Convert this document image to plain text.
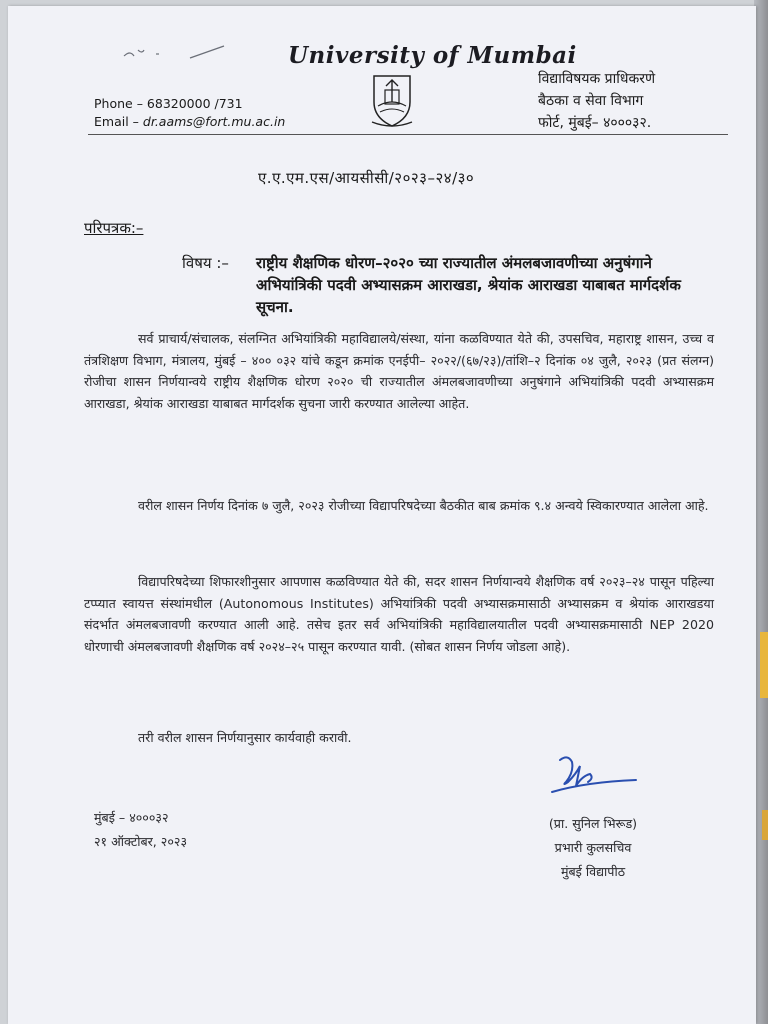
University of Mumbai
Phone – 68320000 /731
Email – dr.aams@fort.mu.ac.in
विद्याविषयक प्राधिकरणे
बैठका व सेवा विभाग
फोर्ट, मुंबई– ४०००३२.
ए.ए.एम.एस/आयसीसी/२०२३–२४/३०
परिपत्रक:–
विषय :– राष्ट्रीय शैक्षणिक धोरण–२०२० च्या राज्यातील अंमलबजावणीच्या अनुषंगाने अभियांत्रिकी पदवी अभ्यासक्रम आराखडा, श्रेयांक आराखडा याबाबत मार्गदर्शक सूचना.
सर्व प्राचार्य/संचालक, संलग्नित अभियांत्रिकी महाविद्यालये/संस्था, यांना कळविण्यात येते की, उपसचिव, महाराष्ट्र शासन, उच्च व तंत्रशिक्षण विभाग, मंत्रालय, मुंबई – ४०० ०३२ यांचे कडून क्रमांक एनईपी– २०२२/(६७/२३)/तांशि–२ दिनांक ०४ जुलै, २०२३ (प्रत संलग्न) रोजीचा शासन निर्णयान्वये राष्ट्रीय शैक्षणिक धोरण २०२० ची राज्यातील अंमलबजावणीच्या अनुषंगाने अभियांत्रिकी पदवी अभ्यासक्रम आराखडा, श्रेयांक आराखडा याबाबत मार्गदर्शक सुचना जारी करण्यात आलेल्या आहेत.
वरील शासन निर्णय दिनांक ७ जुलै, २०२३ रोजीच्या विद्यापरिषदेच्या बैठकीत बाब क्रमांक ९.४ अन्वये स्विकारण्यात आलेला आहे.
विद्यापरिषदेच्या शिफारशीनुसार आपणास कळविण्यात येते की, सदर शासन निर्णयान्वये शैक्षणिक वर्ष २०२३–२४ पासून पहिल्या टप्प्यात स्वायत्त संस्थांमधील (Autonomous Institutes) अभियांत्रिकी पदवी अभ्यासक्रमासाठी अभ्यासक्रम व श्रेयांक आराखडया संदर्भात अंमलबजावणी करण्यात आली आहे. तसेच इतर सर्व अभियांत्रिकी महाविद्यालयातील पदवी अभ्यासक्रमासाठी NEP 2020 धोरणाची अंमलबजावणी शैक्षणिक वर्ष २०२४–२५ पासून करण्यात यावी. (सोबत शासन निर्णय जोडला आहे).
तरी वरील शासन निर्णयानुसार कार्यवाही करावी.
मुंबई – ४०००३२
२१ ऑक्टोबर, २०२३
(प्रा. सुनिल भिरूड)
प्रभारी कुलसचिव
मुंबई विद्यापीठ
